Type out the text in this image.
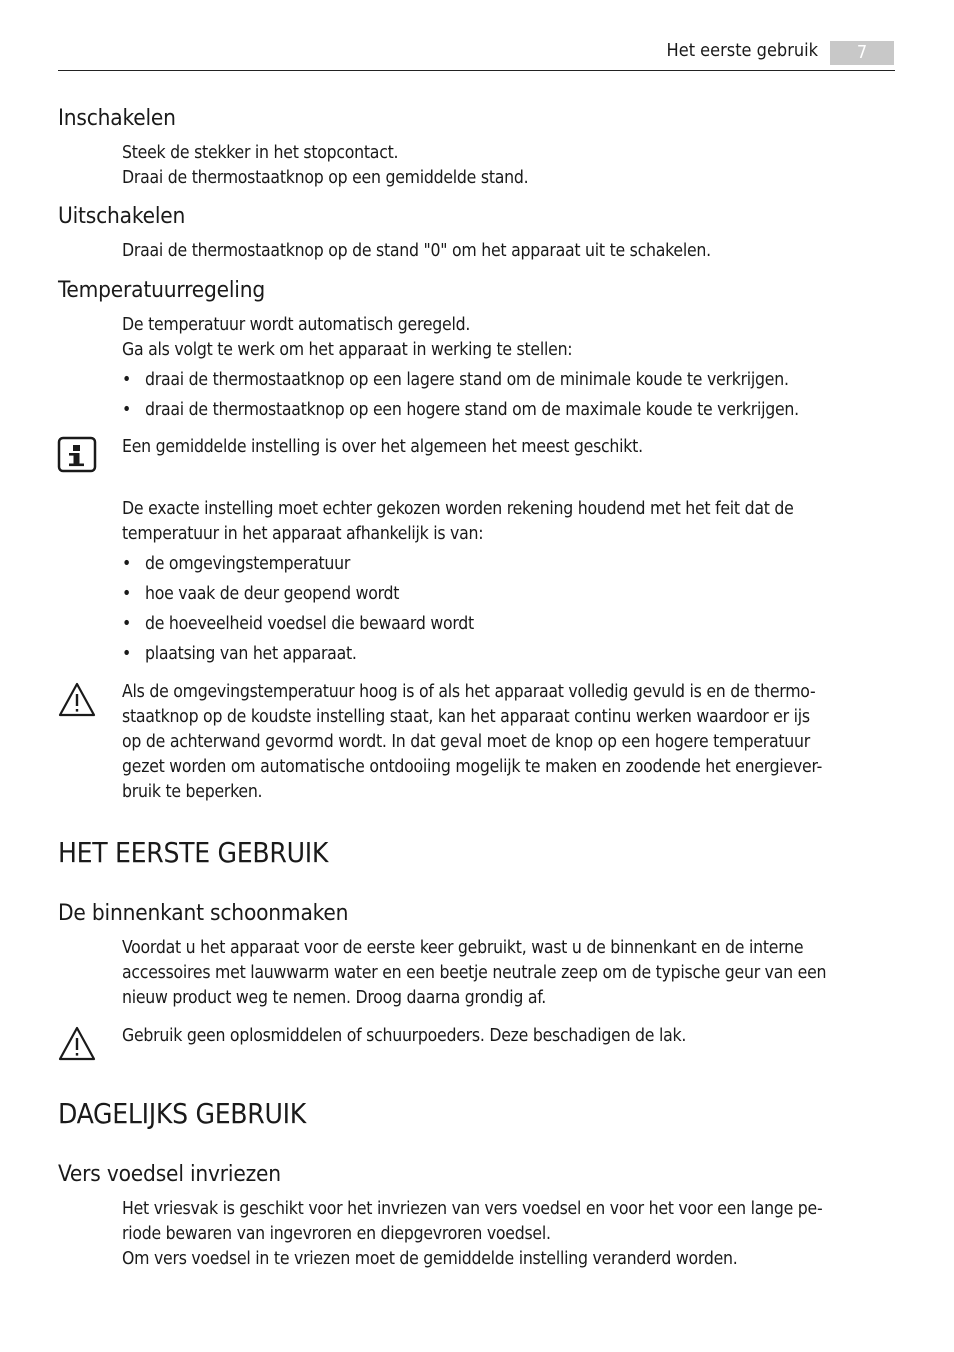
Het eerste gebruik	7
Inschakelen
Steek de stekker in het stopcontact.
Draai de thermostaatknop op een gemiddelde stand.
Uitschakelen
Draai de thermostaatknop op de stand "0" om het apparaat uit te schakelen.
Temperatuurregeling
De temperatuur wordt automatisch geregeld.
Ga als volgt te werk om het apparaat in werking te stellen:
• draai de thermostaatknop op een lagere stand om de minimale koude te verkrijgen.
• draai de thermostaatknop op een hogere stand om de maximale koude te verkrijgen.
Een gemiddelde instelling is over het algemeen het meest geschikt.
De exacte instelling moet echter gekozen worden rekening houdend met het feit dat de
temperatuur in het apparaat afhankelijk is van:
• de omgevingstemperatuur
• hoe vaak de deur geopend wordt
• de hoeveelheid voedsel die bewaard wordt
• plaatsing van het apparaat.
Als de omgevingstemperatuur hoog is of als het apparaat volledig gevuld is en de thermo-
staatknop op de koudste instelling staat, kan het apparaat continu werken waardoor er ijs
op de achterwand gevormd wordt. In dat geval moet de knop op een hogere temperatuur
gezet worden om automatische ontdooiing mogelijk te maken en zoodende het energiever-
bruik te beperken.
HET EERSTE GEBRUIK
De binnenkant schoonmaken
Voordat u het apparaat voor de eerste keer gebruikt, wast u de binnenkant en de interne
accessoires met lauwwarm water en een beetje neutrale zeep om de typische geur van een
nieuw product weg te nemen. Droog daarna grondig af.
Gebruik geen oplosmiddelen of schuurpoeders. Deze beschadigen de lak.
DAGELIJKS GEBRUIK
Vers voedsel invriezen
Het vriesvak is geschikt voor het invriezen van vers voedsel en voor het voor een lange pe-
riode bewaren van ingevroren en diepgevroren voedsel.
Om vers voedsel in te vriezen moet de gemiddelde instelling veranderd worden.
